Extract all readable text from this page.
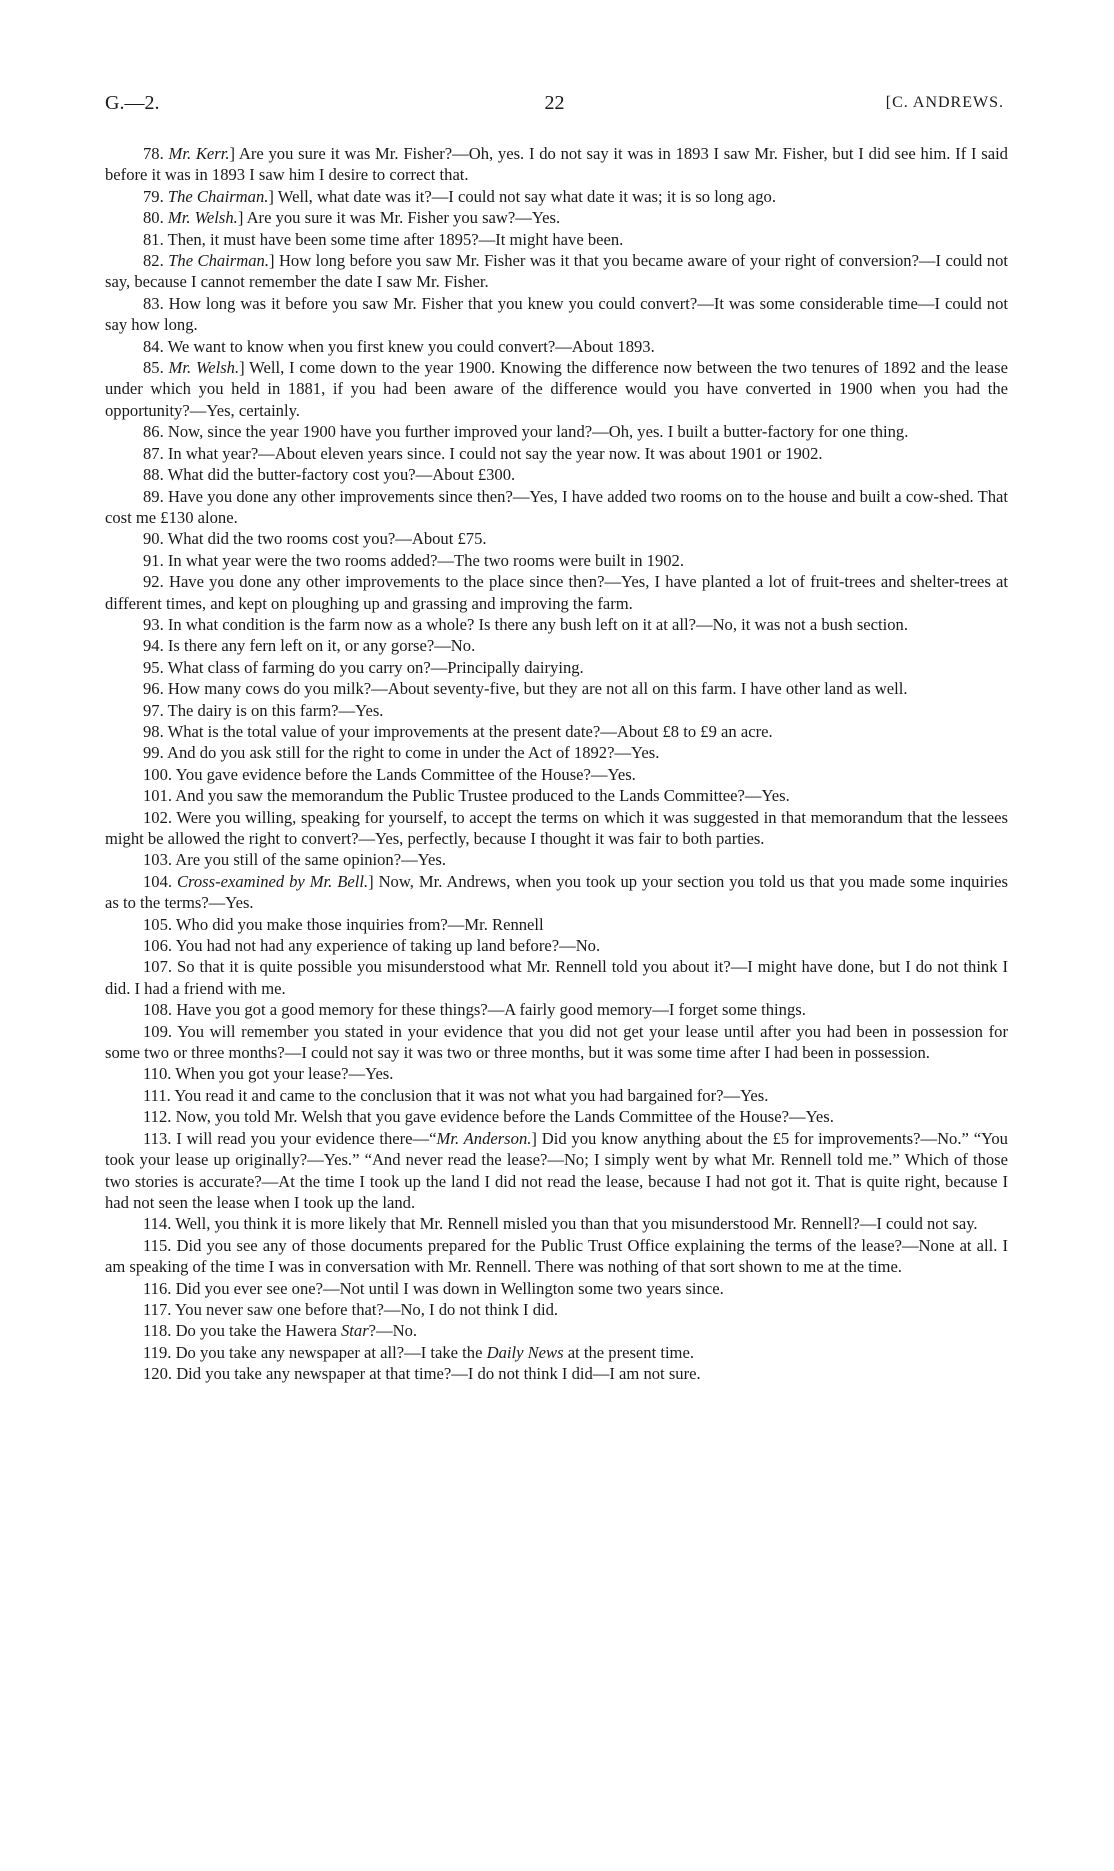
G.—2.	22	[C. ANDREWS.

78. Mr. Kerr.] Are you sure it was Mr. Fisher?—Oh, yes. I do not say it was in 1893 I saw Mr. Fisher, but I did see him. If I said before it was in 1893 I saw him I desire to correct that.

79. The Chairman.] Well, what date was it?—I could not say what date it was; it is so long ago.

80. Mr. Welsh.] Are you sure it was Mr. Fisher you saw?—Yes.

81. Then, it must have been some time after 1895?—It might have been.

82. The Chairman.] How long before you saw Mr. Fisher was it that you became aware of your right of conversion?—I could not say, because I cannot remember the date I saw Mr. Fisher.

83. How long was it before you saw Mr. Fisher that you knew you could convert?—It was some considerable time—I could not say how long.

84. We want to know when you first knew you could convert?—About 1893.

85. Mr. Welsh.] Well, I come down to the year 1900. Knowing the difference now between the two tenures of 1892 and the lease under which you held in 1881, if you had been aware of the difference would you have converted in 1900 when you had the opportunity?—Yes, certainly.

86. Now, since the year 1900 have you further improved your land?—Oh, yes. I built a butter-factory for one thing.

87. In what year?—About eleven years since. I could not say the year now. It was about 1901 or 1902.

88. What did the butter-factory cost you?—About £300.

89. Have you done any other improvements since then?—Yes, I have added two rooms on to the house and built a cow-shed. That cost me £130 alone.

90. What did the two rooms cost you?—About £75.

91. In what year were the two rooms added?—The two rooms were built in 1902.

92. Have you done any other improvements to the place since then?—Yes, I have planted a lot of fruit-trees and shelter-trees at different times, and kept on ploughing up and grassing and improving the farm.

93. In what condition is the farm now as a whole? Is there any bush left on it at all?—No, it was not a bush section.

94. Is there any fern left on it, or any gorse?—No.

95. What class of farming do you carry on?—Principally dairying.

96. How many cows do you milk?—About seventy-five, but they are not all on this farm. I have other land as well.

97. The dairy is on this farm?—Yes.

98. What is the total value of your improvements at the present date?—About £8 to £9 an acre.

99. And do you ask still for the right to come in under the Act of 1892?—Yes.

100. You gave evidence before the Lands Committee of the House?—Yes.

101. And you saw the memorandum the Public Trustee produced to the Lands Committee?—Yes.

102. Were you willing, speaking for yourself, to accept the terms on which it was suggested in that memorandum that the lessees might be allowed the right to convert?—Yes, perfectly, because I thought it was fair to both parties.

103. Are you still of the same opinion?—Yes.

104. Cross-examined by Mr. Bell.] Now, Mr. Andrews, when you took up your section you told us that you made some inquiries as to the terms?—Yes.

105. Who did you make those inquiries from?—Mr. Rennell

106. You had not had any experience of taking up land before?—No.

107. So that it is quite possible you misunderstood what Mr. Rennell told you about it?—I might have done, but I do not think I did. I had a friend with me.

108. Have you got a good memory for these things?—A fairly good memory—I forget some things.

109. You will remember you stated in your evidence that you did not get your lease until after you had been in possession for some two or three months?—I could not say it was two or three months, but it was some time after I had been in possession.

110. When you got your lease?—Yes.

111. You read it and came to the conclusion that it was not what you had bargained for?—Yes.

112. Now, you told Mr. Welsh that you gave evidence before the Lands Committee of the House?—Yes.

113. I will read you your evidence there—“Mr. Anderson.] Did you know anything about the £5 for improvements?—No.” “You took your lease up originally?—Yes.” “And never read the lease?—No; I simply went by what Mr. Rennell told me.” Which of those two stories is accurate?—At the time I took up the land I did not read the lease, because I had not got it. That is quite right, because I had not seen the lease when I took up the land.

114. Well, you think it is more likely that Mr. Rennell misled you than that you misunderstood Mr. Rennell?—I could not say.

115. Did you see any of those documents prepared for the Public Trust Office explaining the terms of the lease?—None at all. I am speaking of the time I was in conversation with Mr. Rennell. There was nothing of that sort shown to me at the time.

116. Did you ever see one?—Not until I was down in Wellington some two years since.

117. You never saw one before that?—No, I do not think I did.

118. Do you take the Hawera Star?—No.

119. Do you take any newspaper at all?—I take the Daily News at the present time.

120. Did you take any newspaper at that time?—I do not think I did—I am not sure.
